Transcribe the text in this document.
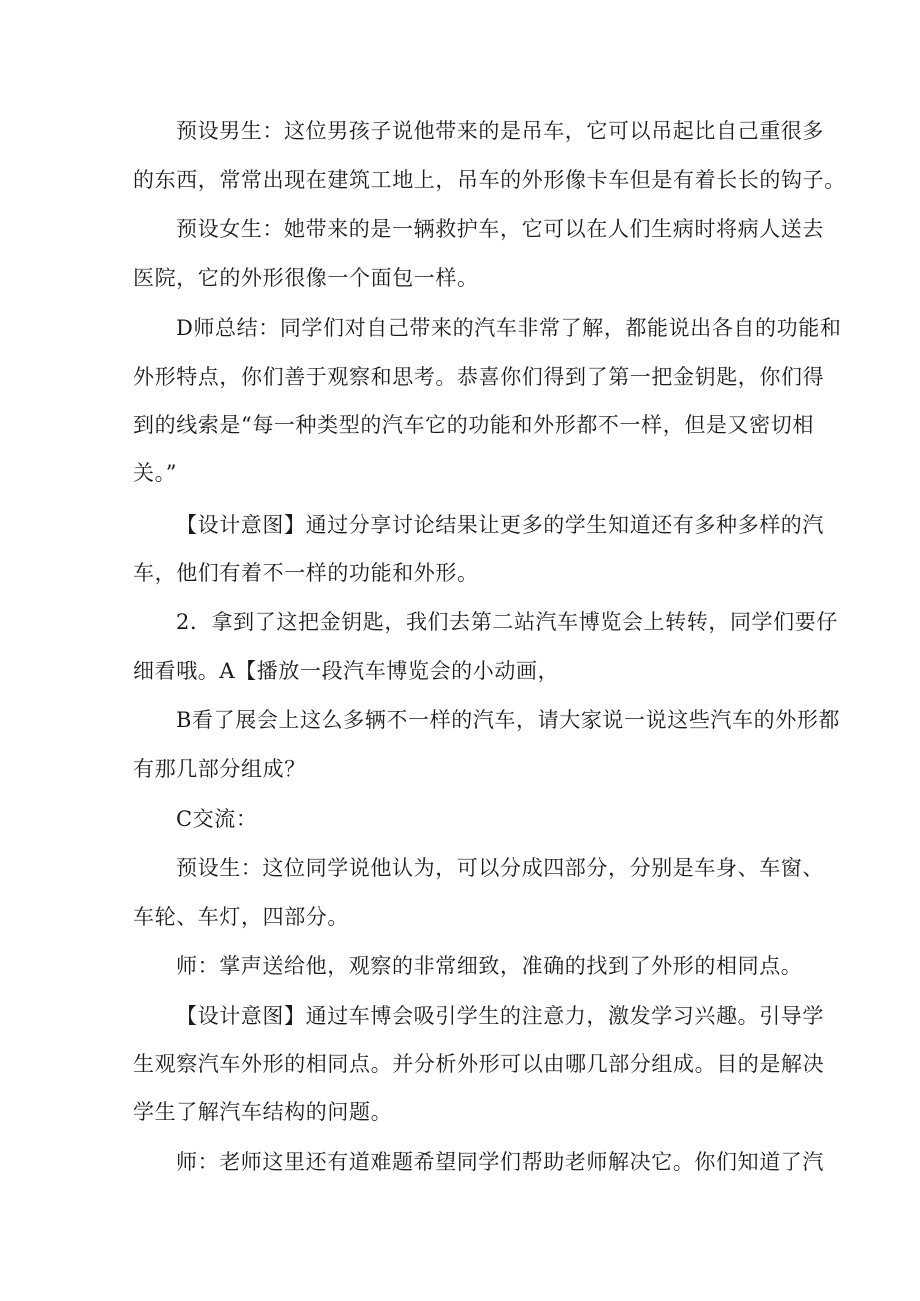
预设男生：这位男孩子说他带来的是吊车，它可以吊起比自己重很多
的东西，常常出现在建筑工地上，吊车的外形像卡车但是有着长长的钩子。
预设女生：她带来的是一辆救护车，它可以在人们生病时将病人送去
医院，它的外形很像一个面包一样。
D师总结：同学们对自己带来的汽车非常了解，都能说出各自的功能和
外形特点，你们善于观察和思考。恭喜你们得到了第一把金钥匙，你们得
到的线索是“每一种类型的汽车它的功能和外形都不一样，但是又密切相
关。”
【设计意图】通过分享讨论结果让更多的学生知道还有多种多样的汽
车，他们有着不一样的功能和外形。
2．拿到了这把金钥匙，我们去第二站汽车博览会上转转，同学们要仔
细看哦。A【播放一段汽车博览会的小动画，
B看了展会上这么多辆不一样的汽车，请大家说一说这些汽车的外形都
有那几部分组成？
C交流：
预设生：这位同学说他认为，可以分成四部分，分别是车身、车窗、
车轮、车灯，四部分。
师：掌声送给他，观察的非常细致，准确的找到了外形的相同点。
【设计意图】通过车博会吸引学生的注意力，激发学习兴趣。引导学
生观察汽车外形的相同点。并分析外形可以由哪几部分组成。目的是解决
学生了解汽车结构的问题。
师：老师这里还有道难题希望同学们帮助老师解决它。你们知道了汽
